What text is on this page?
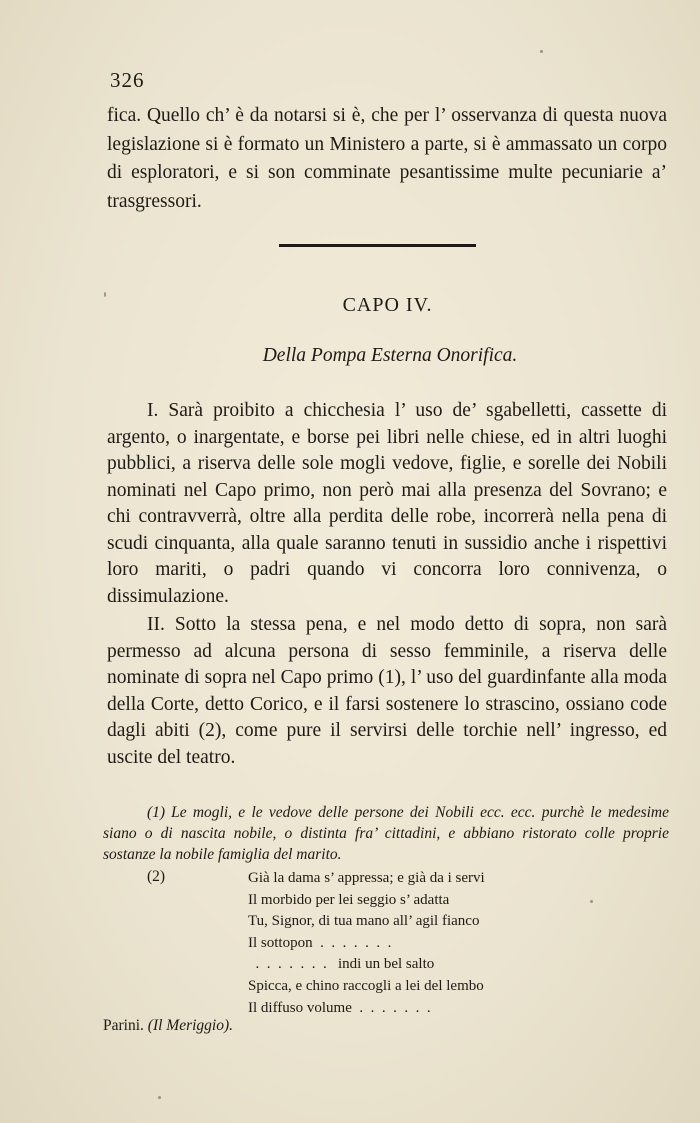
326

fica. Quello ch’ è da notarsi si è, che per l’ osservanza di questa nuova legislazione si è formato un Ministero a parte, si è ammassato un corpo di esploratori, e si son comminate pesantissime multe pecuniarie a’ trasgressori.

CAPO IV.
Della Pompa Esterna Onorifica.

I. Sarà proibito a chicchesia l’ uso de’ sgabelletti, cassette di argento, o inargentate, e borse pei libri nelle chiese, ed in altri luoghi pubblici, a riserva delle sole mogli vedove, figlie, e sorelle dei Nobili nominati nel Capo primo, non però mai alla presenza del Sovrano; e chi contravverrà, oltre alla perdita delle robe, incorrerà nella pena di scudi cinquanta, alla quale saranno tenuti in sussidio anche i rispettivi loro mariti, o padri quando vi concorra loro connivenza, o dissimulazione.

II. Sotto la stessa pena, e nel modo detto di sopra, non sarà permesso ad alcuna persona di sesso femminile, a riserva delle nominate di sopra nel Capo primo (1), l’ uso del guardinfante alla moda della Corte, detto Corico, e il farsi sostenere lo strascino, ossiano code dagli abiti (2), come pure il servirsi delle torchie nell’ ingresso, ed uscite del teatro.

(1) Le mogli, e le vedove delle persone dei Nobili ecc. ecc. purchè le medesime siano o di nascita nobile, o distinta fra’ cittadini, e abbiano ristorato colle proprie sostanze la nobile famiglia del marito.
(2)	Già la dama s’ appressa; e già da i servi
Il morbido per lei seggio s’ adatta
Tu, Signor, di tua mano all’ agil fianco
Il sottopon  .  .  .  .  .  .  .
.  .  .  .  .  .  .   indi un bel salto
Spicca, e chino raccogli a lei del lembo
Il diffuso volume  .  .  .  .  .  .  .
Parini. (Il Meriggio).
